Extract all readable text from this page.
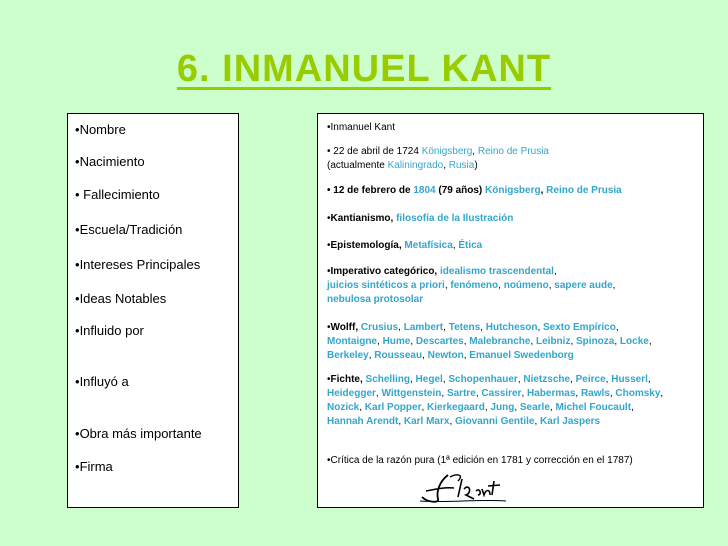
6. INMANUEL KANT
•Nombre
•Nacimiento
• Fallecimiento
•Escuela/Tradición
•Intereses Principales
•Ideas Notables
•Influido por
•Influyó a
•Obra más importante
•Firma
•Inmanuel Kant
• 22 de abril de 1724 Königsberg, Reino de Prusia
(actualmente Kaliningrado, Rusia)
• 12 de febrero de 1804 (79 años) Königsberg, Reino de Prusia
•Kantianismo, filosofía de la Ilustración
•Epistemología, Metafísica, Ética
•Imperativo categórico, idealismo trascendental,
juicios sintéticos a priori, fenómeno, noúmeno, sapere aude,
nebulosa protosolar
•Wolff, Crusius, Lambert, Tetens, Hutcheson, Sexto Empírico,
Montaigne, Hume, Descartes, Malebranche, Leibniz, Spinoza, Locke,
Berkeley, Rousseau, Newton, Emanuel Swedenborg
•Fichte, Schelling, Hegel, Schopenhauer, Nietzsche, Peirce, Husserl,
Heidegger, Wittgenstein, Sartre, Cassirer, Habermas, Rawls, Chomsky,
Nozick, Karl Popper, Kierkegaard, Jung, Searle, Michel Foucault,
Hannah Arendt, Karl Marx, Giovanni Gentile, Karl Jaspers
•Crítica de la razón pura (1ª edición en 1781 y corrección en el 1787)
